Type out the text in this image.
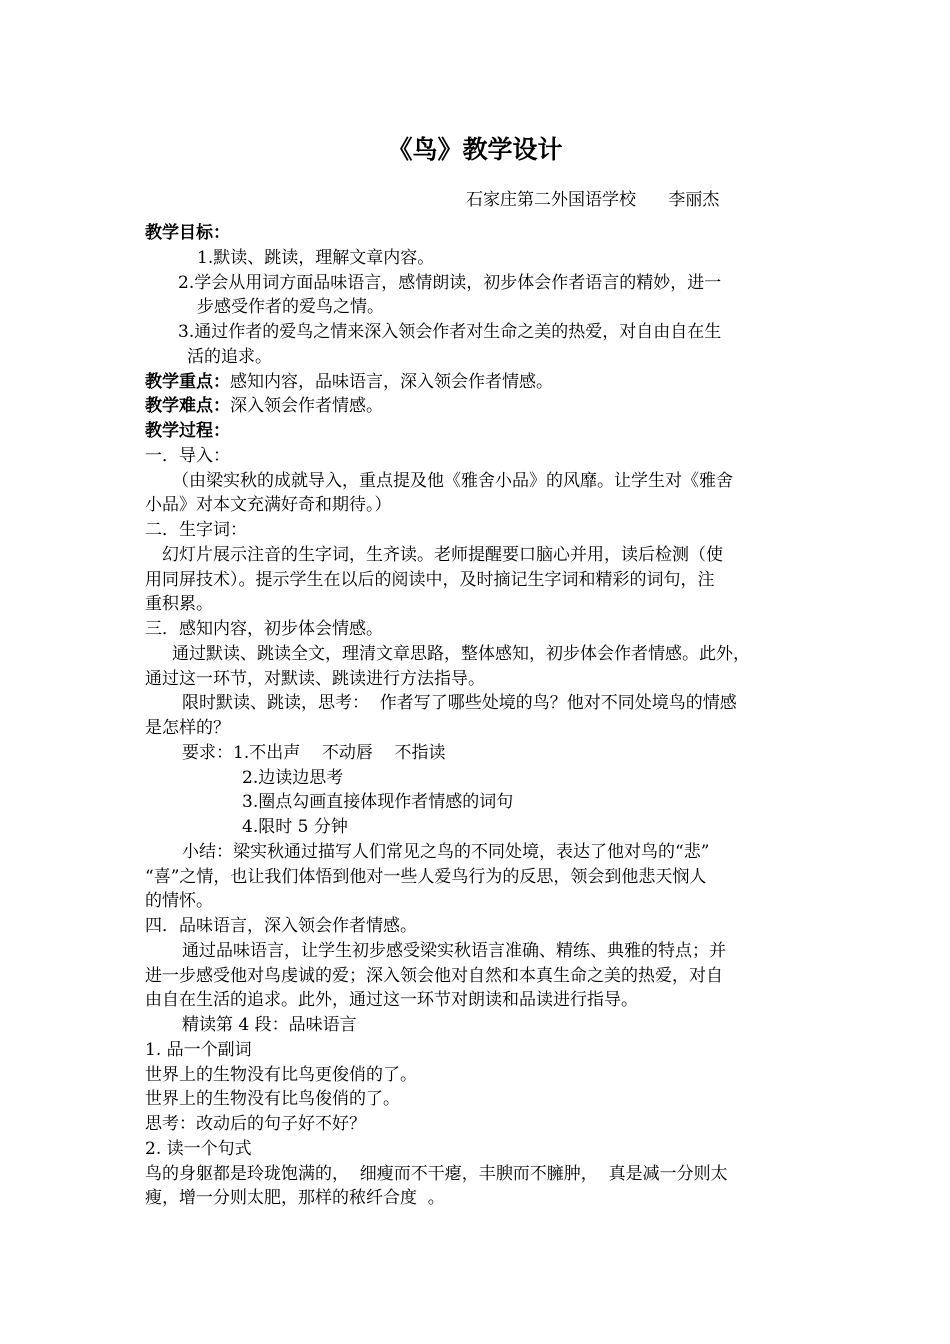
《鸟》教学设计
石家庄第二外国语学校      李丽杰
教学目标：
1.默读、跳读，理解文章内容。
2.学会从用词方面品味语言，感情朗读，初步体会作者语言的精妙，进一
步感受作者的爱鸟之情。
3.通过作者的爱鸟之情来深入领会作者对生命之美的热爱，对自由自在生
活的追求。
教学重点：感知内容，品味语言，深入领会作者情感。
教学难点：深入领会作者情感。
教学过程：
一．导入：
（由梁实秋的成就导入，重点提及他《雅舍小品》的风靡。让学生对《雅舍
小品》对本文充满好奇和期待。）
二．生字词：
幻灯片展示注音的生字词，生齐读。老师提醒要口脑心并用，读后检测（使
用同屏技术）。提示学生在以后的阅读中，及时摘记生字词和精彩的词句，注
重积累。
三．感知内容，初步体会情感。
通过默读、跳读全文，理清文章思路，整体感知，初步体会作者情感。此外，
通过这一环节，对默读、跳读进行方法指导。
限时默读、跳读，思考：  作者写了哪些处境的鸟？他对不同处境鸟的情感
是怎样的？
要求：1.不出声    不动唇    不指读
2.边读边思考
3.圈点勾画直接体现作者情感的词句
4.限时 5 分钟
小结：梁实秋通过描写人们常见之鸟的不同处境，表达了他对鸟的“悲”
“喜”之情，也让我们体悟到他对一些人爱鸟行为的反思，领会到他悲天悯人
的情怀。
四．品味语言，深入领会作者情感。
通过品味语言，让学生初步感受梁实秋语言准确、精练、典雅的特点；并
进一步感受他对鸟虔诚的爱；深入领会他对自然和本真生命之美的热爱，对自
由自在生活的追求。此外，通过这一环节对朗读和品读进行指导。
精读第 4 段：品味语言
1. 品一个副词
世界上的生物没有比鸟更俊俏的了。
世界上的生物没有比鸟俊俏的了。
思考：改动后的句子好不好？
2. 读一个句式
鸟的身躯都是玲珑饱满的，  细瘦而不干瘪，丰腴而不臃肿，  真是减一分则太
瘦，增一分则太肥，那样的秾纤合度  。
